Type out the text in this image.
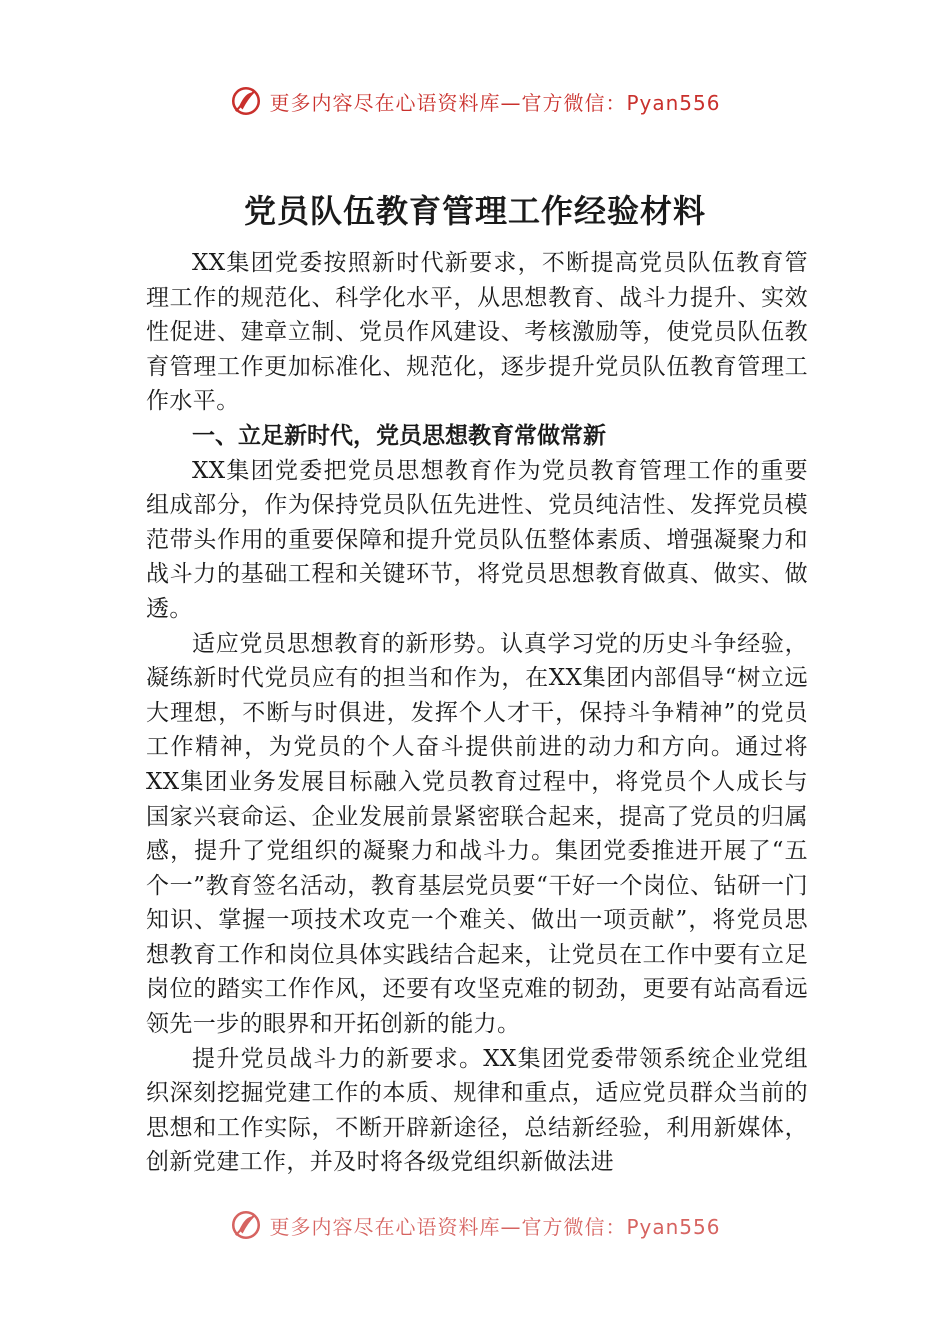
更多内容尽在心语资料库—官方微信：Pyan556
党员队伍教育管理工作经验材料

XX集团党委按照新时代新要求，不断提高党员队伍教育管理工作的规范化、科学化水平，从思想教育、战斗力提升、实效性促进、建章立制、党员作风建设、考核激励等，使党员队伍教育管理工作更加标准化、规范化，逐步提升党员队伍教育管理工作水平。

一、立足新时代，党员思想教育常做常新

XX集团党委把党员思想教育作为党员教育管理工作的重要组成部分，作为保持党员队伍先进性、党员纯洁性、发挥党员模范带头作用的重要保障和提升党员队伍整体素质、增强凝聚力和战斗力的基础工程和关键环节，将党员思想教育做真、做实、做透。

适应党员思想教育的新形势。认真学习党的历史斗争经验，凝练新时代党员应有的担当和作为，在XX集团内部倡导“树立远大理想，不断与时俱进，发挥个人才干，保持斗争精神”的党员工作精神，为党员的个人奋斗提供前进的动力和方向。通过将XX集团业务发展目标融入党员教育过程中，将党员个人成长与国家兴衰命运、企业发展前景紧密联合起来，提高了党员的归属感，提升了党组织的凝聚力和战斗力。集团党委推进开展了“五个一”教育签名活动，教育基层党员要“干好一个岗位、钻研一门知识、掌握一项技术攻克一个难关、做出一项贡献”，将党员思想教育工作和岗位具体实践结合起来，让党员在工作中要有立足岗位的踏实工作作风，还要有攻坚克难的韧劲，更要有站高看远领先一步的眼界和开拓创新的能力。

提升党员战斗力的新要求。XX集团党委带领系统企业党组织深刻挖掘党建工作的本质、规律和重点，适应党员群众当前的思想和工作实际，不断开辟新途径，总结新经验，利用新媒体，创新党建工作，并及时将各级党组织新做法进

更多内容尽在心语资料库—官方微信：Pyan556
